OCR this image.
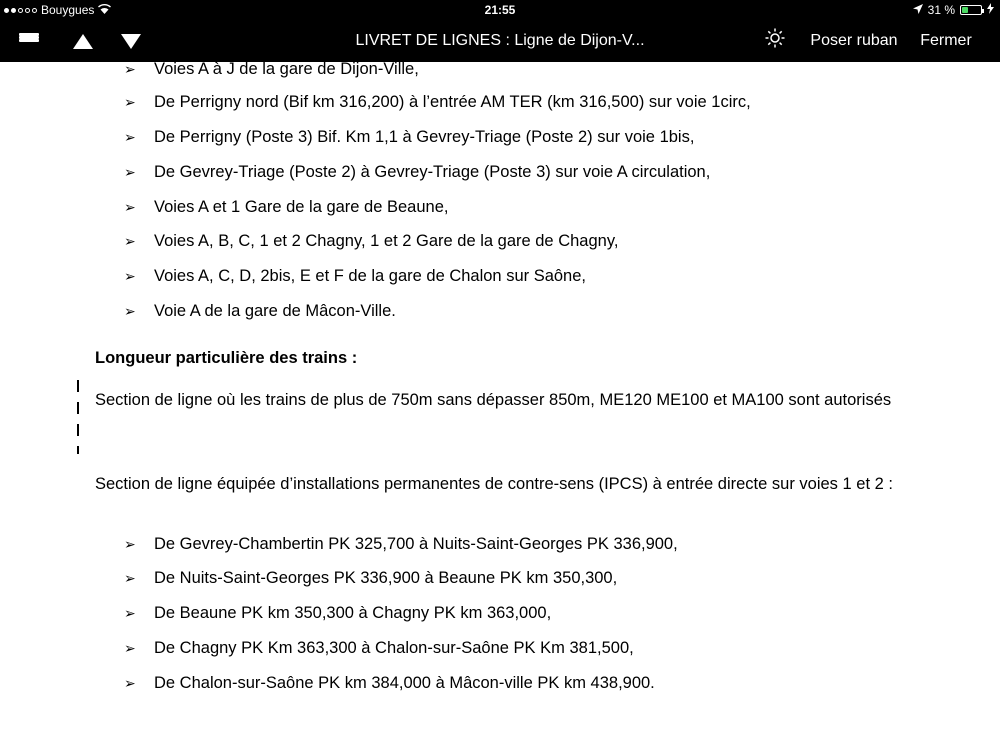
Bouygues	21:55	31 %
LIVRET DE LIGNES : Ligne de Dijon-V...	Poser ruban Fermer
➢	Voies A à J de la gare de Dijon-Ville,
➢	De Perrigny nord (Bif km 316,200) à l’entrée AM TER (km 316,500) sur voie 1circ,
➢	De Perrigny (Poste 3) Bif. Km 1,1 à Gevrey-Triage (Poste 2) sur voie 1bis,
➢	De Gevrey-Triage (Poste 2) à Gevrey-Triage (Poste 3) sur voie A circulation,
➢	Voies A et 1 Gare de la gare de Beaune,
➢	Voies A, B, C, 1 et 2 Chagny, 1 et 2 Gare de la gare de Chagny,
➢	Voies A, C, D, 2bis, E et F de la gare de Chalon sur Saône,
➢	Voie A de la gare de Mâcon-Ville.
Longueur particulière des trains :
Section de ligne où les trains de plus de 750m sans dépasser 850m, ME120 ME100 et MA100 sont autorisés
Section de ligne équipée d’installations permanentes de contre-sens (IPCS) à entrée directe sur voies 1 et 2 :
➢	De Gevrey-Chambertin PK 325,700 à Nuits-Saint-Georges PK 336,900,
➢	De Nuits-Saint-Georges PK 336,900 à Beaune PK km 350,300,
➢	De Beaune PK km 350,300 à Chagny PK km 363,000,
➢	De Chagny PK Km 363,300 à Chalon-sur-Saône PK Km 381,500,
➢	De Chalon-sur-Saône PK km 384,000 à Mâcon-ville PK km 438,900.
